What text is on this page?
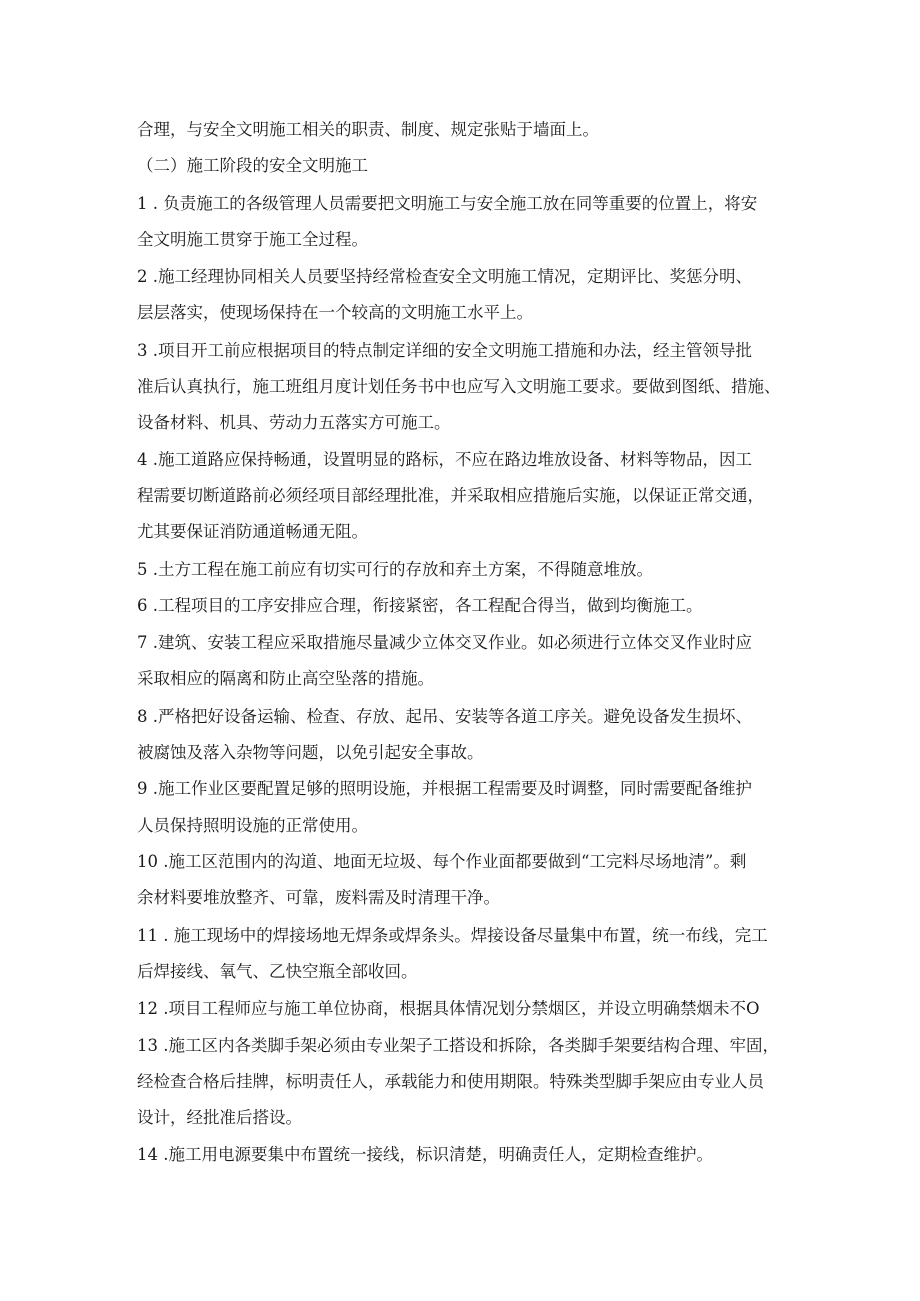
合理，与安全文明施工相关的职责、制度、规定张贴于墙面上。
（二）施工阶段的安全文明施工
1 . 负责施工的各级管理人员需要把文明施工与安全施工放在同等重要的位置上，将安
全文明施工贯穿于施工全过程。
2 .施工经理协同相关人员要坚持经常检查安全文明施工情况，定期评比、奖惩分明、
层层落实，使现场保持在一个较高的文明施工水平上。
3 .项目开工前应根据项目的特点制定详细的安全文明施工措施和办法，经主管领导批
准后认真执行，施工班组月度计划任务书中也应写入文明施工要求。要做到图纸、措施、
设备材料、机具、劳动力五落实方可施工。
4 .施工道路应保持畅通，设置明显的路标，不应在路边堆放设备、材料等物品，因工
程需要切断道路前必须经项目部经理批准，并采取相应措施后实施，以保证正常交通，
尤其要保证消防通道畅通无阻。
5 .土方工程在施工前应有切实可行的存放和弃土方案，不得随意堆放。
6 .工程项目的工序安排应合理，衔接紧密，各工程配合得当，做到均衡施工。
7 .建筑、安装工程应采取措施尽量减少立体交叉作业。如必须进行立体交叉作业时应
采取相应的隔离和防止高空坠落的措施。
8 .严格把好设备运输、检查、存放、起吊、安装等各道工序关。避免设备发生损坏、
被腐蚀及落入杂物等问题，以免引起安全事故。
9 .施工作业区要配置足够的照明设施，并根据工程需要及时调整，同时需要配备维护
人员保持照明设施的正常使用。
10 .施工区范围内的沟道、地面无垃圾、每个作业面都要做到“工完料尽场地清”。剩
余材料要堆放整齐、可靠，废料需及时清理干净。
11 . 施工现场中的焊接场地无焊条或焊条头。焊接设备尽量集中布置，统一布线，完工
后焊接线、氧气、乙快空瓶全部收回。
12 .项目工程师应与施工单位协商，根据具体情况划分禁烟区，并设立明确禁烟未不O
13 .施工区内各类脚手架必须由专业架子工搭设和拆除，各类脚手架要结构合理、牢固，
经检查合格后挂牌，标明责任人，承载能力和使用期限。特殊类型脚手架应由专业人员
设计，经批准后搭设。
14 .施工用电源要集中布置统一接线，标识清楚，明确责任人，定期检查维护。
